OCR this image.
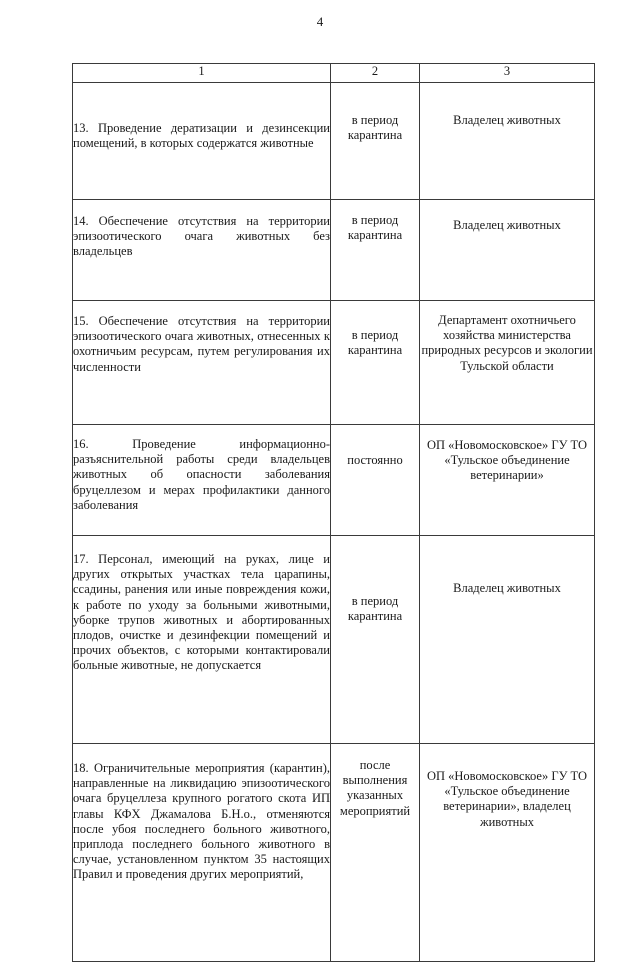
4
1	2	3
13. Проведение дератизации и дезинсекции помещений, в которых содержатся животные	в период карантина	Владелец животных

14. Обеспечение отсутствия на территории эпизоотического очага животных без владельцев	в период карантина	Владелец животных

15. Обеспечение отсутствия на территории эпизоотического очага животных, отнесенных к охотничьим ресурсам, путем регулирования их численности	в период карантина	Департамент охотничьего хозяйства министерства природных ресурсов и экологии Тульской области

16. Проведение информационно-разъяснительной работы среди владельцев животных об опасности заболевания бруцеллезом и мерах профилактики данного заболевания	постоянно	ОП «Новомосковское» ГУ ТО «Тульское объединение ветеринарии»

17. Персонал, имеющий на руках, лице и других открытых участках тела царапины, ссадины, ранения или иные повреждения кожи, к работе по уходу за больными животными, уборке трупов животных и абортированных плодов, очистке и дезинфекции помещений и прочих объектов, с которыми контактировали больные животные, не допускается	в период карантина	Владелец животных

18. Ограничительные мероприятия (карантин), направленные на ликвидацию эпизоотического очага бруцеллеза крупного рогатого скота ИП главы КФХ Джамалова Б.Н.о., отменяются после убоя последнего больного животного, приплода последнего больного животного в случае, установленном пунктом 35 настоящих Правил и проведения других мероприятий,	после выполнения указанных мероприятий	ОП «Новомосковское» ГУ ТО «Тульское объединение ветеринарии», владелец животных
